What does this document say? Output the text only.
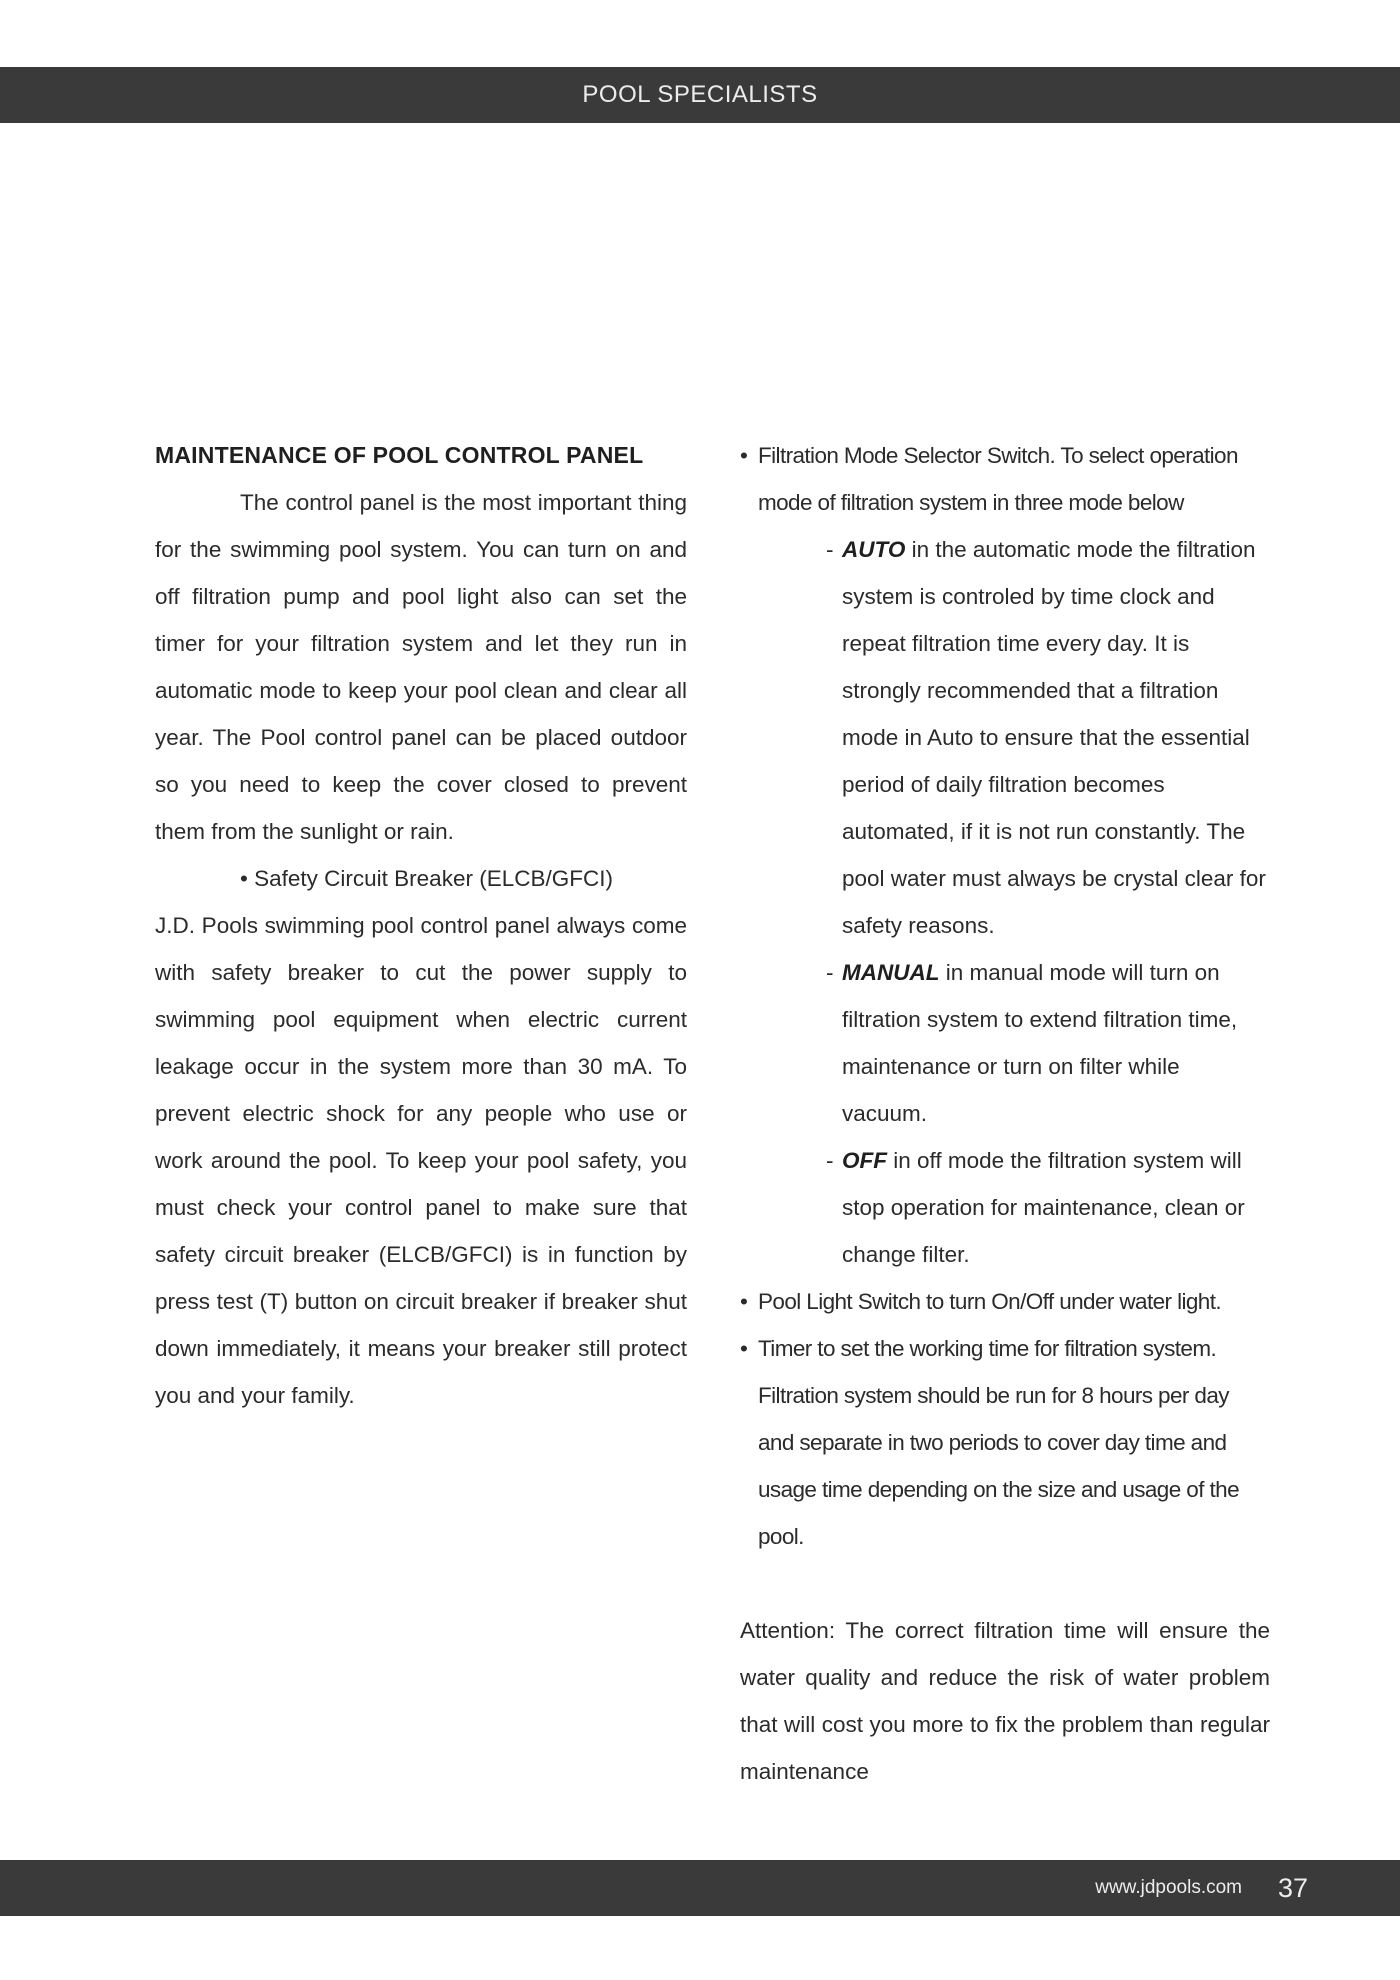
POOL SPECIALISTS
MAINTENANCE OF POOL CONTROL PANEL

The control panel is the most important thing for the swimming pool system. You can turn on and off filtration pump and pool light also can set the timer for your filtration system and let they run in automatic mode to keep your pool clean and clear all year. The Pool control panel can be placed outdoor so you need to keep the cover closed to prevent them from the sunlight or rain.

• Safety Circuit Breaker (ELCB/GFCI)

J.D. Pools swimming pool control panel always come with safety breaker to cut the power supply to swimming pool equipment when electric current leakage occur in the system more than 30 mA. To prevent electric shock for any people who use or work around the pool. To keep your pool safety, you must check your control panel to make sure that safety circuit breaker (ELCB/GFCI) is in function by press test (T) button on circuit breaker if breaker shut down immediately, it means your breaker still protect you and your family.

• Filtration Mode Selector Switch. To select operation mode of filtration system in three mode below
- AUTO in the automatic mode the filtration system is controled by time clock and repeat filtration time every day. It is strongly recommended that a filtration mode in Auto to ensure that the essential period of daily filtration becomes automated, if it is not run constantly. The pool water must always be crystal clear for safety reasons.
- MANUAL in manual mode will turn on filtration system to extend filtration time, maintenance or turn on filter while vacuum.
- OFF in off mode the filtration system will stop operation for maintenance, clean or change filter.
• Pool Light Switch to turn On/Off under water light.
• Timer to set the working time for filtration system. Filtration system should be run for 8 hours per day and separate in two periods to cover day time and usage time depending on the size and usage of the pool.

Attention: The correct filtration time will ensure the water quality and reduce the risk of water problem that will cost you more to fix the problem than regular maintenance

www.jdpools.com 37
